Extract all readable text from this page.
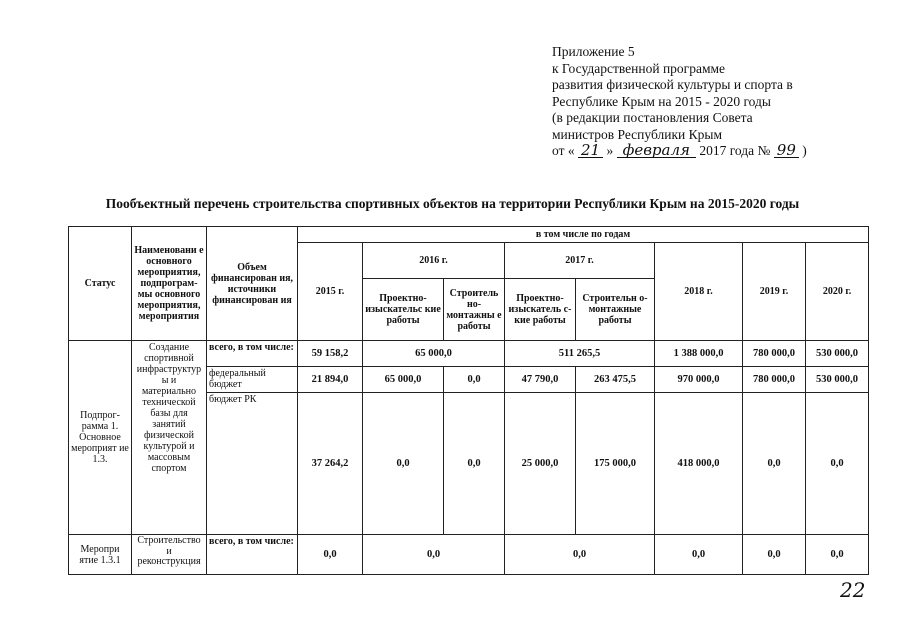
Приложение 5
к Государственной программе
развития физической культуры и спорта в
Республике Крым на 2015 - 2020 годы
(в редакции постановления Совета
министров Республики Крым
от « 21 » февраля 2017 года № 99 )
Пообъектный перечень строительства спортивных объектов на территории Республики Крым на 2015-2020 годы
Статус	Наименовани е основного мероприятия, подпрограм- мы основного мероприятия, мероприятия	Объем финансирован ия, источники финансирован ия	в том числе по годам							
			2015 г.	2016 г.		2017 г.		2018 г.	2019 г.	2020 г.
				Проектно- изыскательс кие работы	Строитель но- монтажны е работы	Проектно- изыскатель с-кие работы	Строительн о- монтажные работы			
Подпрог- рамма 1. Основное мероприят ие 1.3.	Создание спортивной инфраструктур ы и материально технической базы для занятий физической культурой и массовым спортом	всего, в том числе:	59 158,2	65 000,0		511 265,5		1 388 000,0	780 000,0	530 000,0
		федеральный бюджет	21 894,0	65 000,0	0,0	47 790,0	263 475,5	970 000,0	780 000,0	530 000,0
		бюджет РК	37 264,2	0,0	0,0	25 000,0	175 000,0	418 000,0	0,0	0,0
Меропри ятие 1.3.1	Строительство и реконструкция	всего, в том числе:	0,0	0,0		0,0		0,0	0,0	0,0
22
